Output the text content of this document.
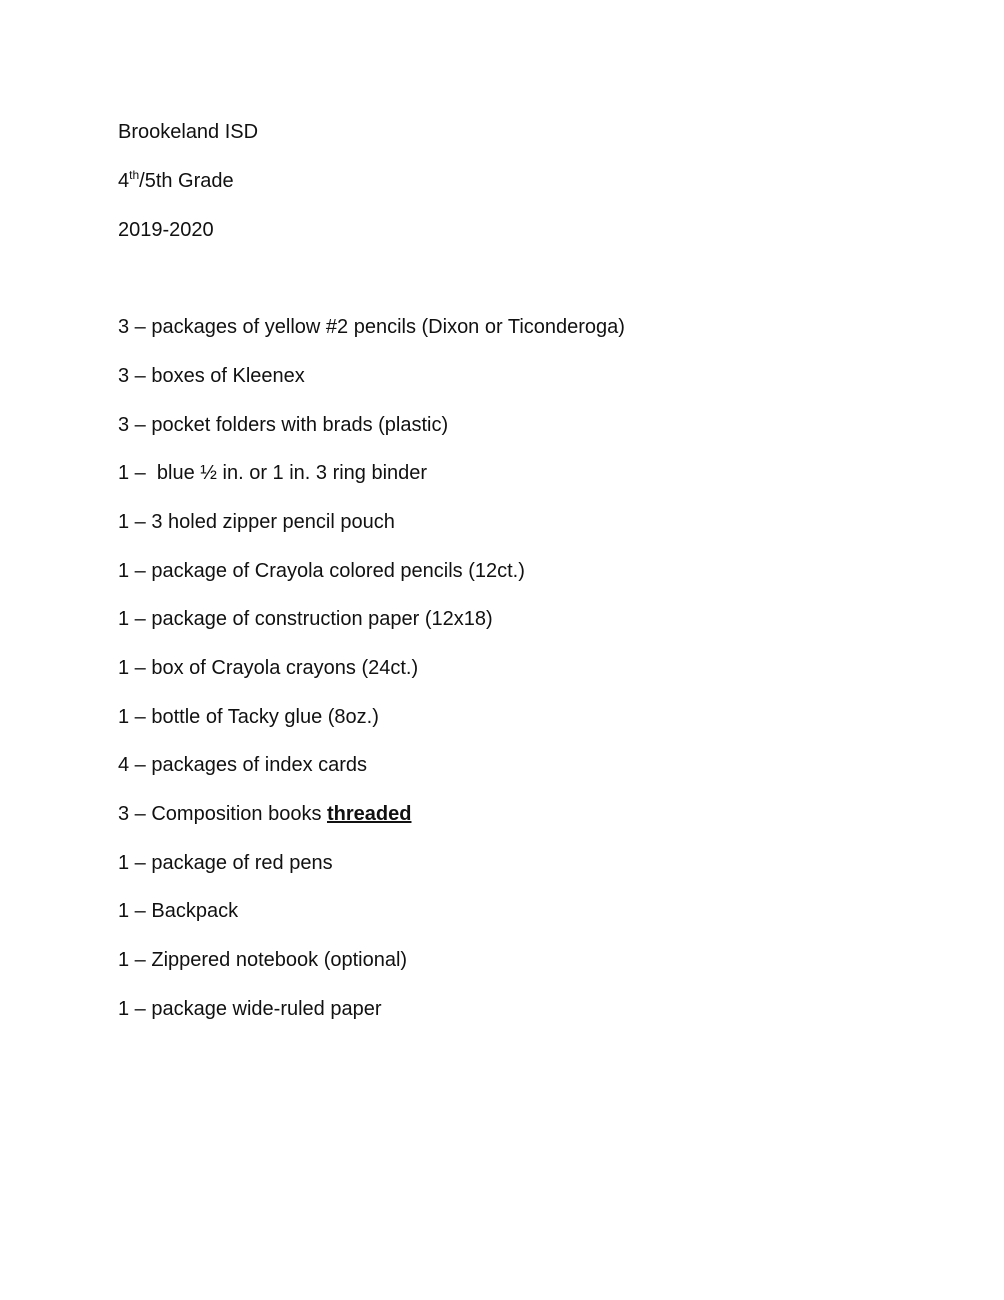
Brookeland ISD
4th/5th Grade
2019-2020
3 – packages of yellow #2 pencils (Dixon or Ticonderoga)
3 – boxes of Kleenex
3 – pocket folders with brads (plastic)
1 –  blue ½ in. or 1 in. 3 ring binder
1 – 3 holed zipper pencil pouch
1 – package of Crayola colored pencils (12ct.)
1 – package of construction paper (12x18)
1 – box of Crayola crayons (24ct.)
1 – bottle of Tacky glue (8oz.)
4 – packages of index cards
3 – Composition books threaded
1 – package of red pens
1 – Backpack
1 – Zippered notebook (optional)
1 – package wide-ruled paper
